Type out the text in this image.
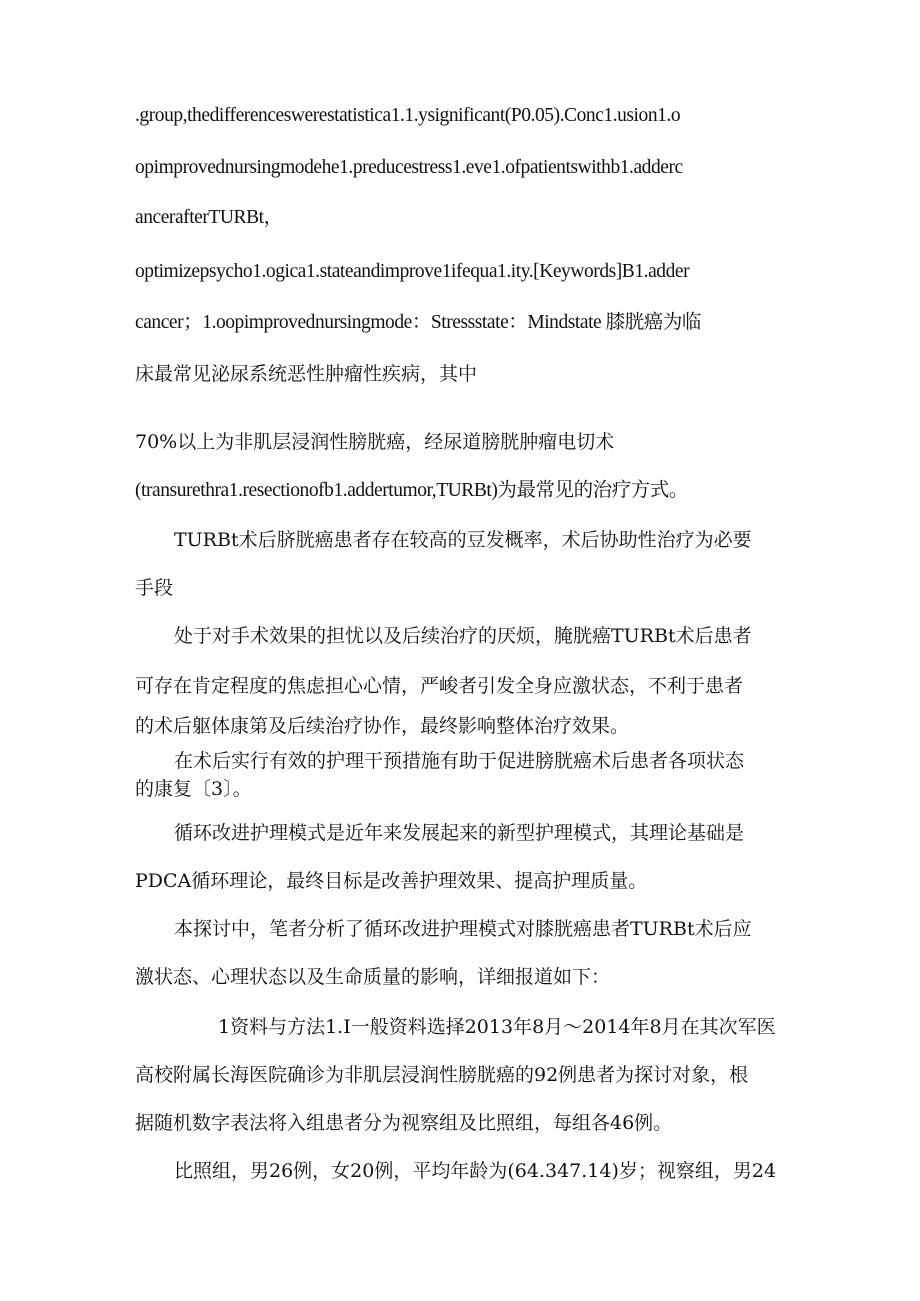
.group,thedifferenceswerestatistica1.1.ysignificant(P0.05).Conc1.usion1.o
opimprovednursingmodehe1.preducestress1.eve1.ofpatientswithb1.adderc
ancerafterTURBt，
optimizepsycho1.ogica1.stateandimprove1ifequa1.ity.[Keywords]B1.adder
cancer；1.oopimprovednursingmode：Stressstate：Mindstate 膝胱癌为临
床最常见泌尿系统恶性肿瘤性疾病，其中
70%以上为非肌层浸润性膀胱癌，经尿道膀胱肿瘤电切术
(transurethra1.resectionofb1.addertumor,TURBt)为最常见的治疗方式。
TURBt术后脐胱癌患者存在较高的豆发概率，术后协助性治疗为必要
手段
处于对手术效果的担忧以及后续治疗的厌烦，腌胱癌TURBt术后患者
可存在肯定程度的焦虑担心心情，严峻者引发全身应激状态，不利于患者
的术后躯体康第及后续治疗协作，最终影响整体治疗效果。
在术后实行有效的护理干预措施有助于促进膀胱癌术后患者各项状态
的康复〔3〕。
循环改进护理模式是近年来发展起来的新型护理模式，其理论基础是
PDCA循环理论，最终目标是改善护理效果、提高护理质量。
本探讨中，笔者分析了循环改进护理模式对膝胱癌患者TURBt术后应
激状态、心理状态以及生命质量的影响，详细报道如下：
1资料与方法1.I一般资料选择2013年8月～2014年8月在其次军医
高校附属长海医院确诊为非肌层浸润性膀胱癌的92例患者为探讨对象，根
据随机数字表法将入组患者分为视察组及比照组，每组各46例。
比照组，男26例，女20例，平均年龄为(64.347.14)岁；视察组，男24
